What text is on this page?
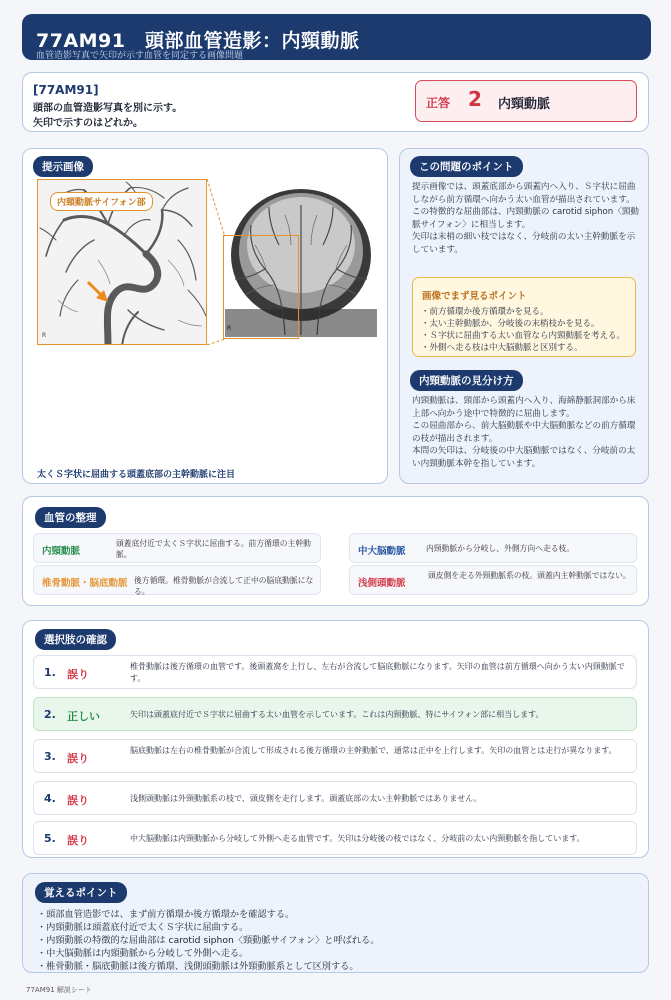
77AM91　頭部血管造影：内頸動脈
血管造影写真で矢印が示す血管を同定する画像問題
[77AM91]
頭部の血管造影写真を別に示す。
矢印で示すのはどれか。
正答 2 内頸動脈
提示画像
内頸動脈サイフォン部
R
R
太くＳ字状に屈曲する頭蓋底部の主幹動脈に注目
この問題のポイント
提示画像では、頭蓋底部から頭蓋内へ入り、Ｓ字状に屈曲しながら前方循環へ向かう太い血管が描出されています。
この特徴的な屈曲部は、内頸動脈の carotid siphon〈頸動脈サイフォン〉に相当します。
矢印は末梢の細い枝ではなく、分岐前の太い主幹動脈を示しています。
画像でまず見るポイント
・前方循環か後方循環かを見る。
・太い主幹動脈か、分岐後の末梢枝かを見る。
・Ｓ字状に屈曲する太い血管なら内頸動脈を考える。
・外側へ走る枝は中大脳動脈と区別する。
内頸動脈の見分け方
内頸動脈は、頸部から頭蓋内へ入り、海綿静脈洞部から床上部へ向かう途中で特徴的に屈曲します。
この屈曲部から、前大脳動脈や中大脳動脈などの前方循環の枝が描出されます。
本問の矢印は、分岐後の中大脳動脈ではなく、分岐前の太い内頸動脈本幹を指しています。
血管の整理
内頸動脈
頭蓋底付近で太くＳ字状に屈曲する。前方循環の主幹動脈。	中大脳動脈	内頸動脈から分岐し、外側方向へ走る枝。
椎骨動脈・脳底動脈 後方循環。椎骨動脈が合流して正中の脳底動脈になる。
浅側頭動脈
頭皮側を走る外頸動脈系の枝。頭蓋内主幹動脈ではない。
選択肢の確認
1. 誤り
椎骨動脈は後方循環の血管です。後頭蓋窩を上行し、左右が合流して脳底動脈になります。矢印の血管は前方循環へ向かう太い内頸動脈です。
2. 正しい	矢印は頭蓋底付近でＳ字状に屈曲する太い血管を示しています。これは内頸動脈、特にサイフォン部に相当します。
3. 誤り
脳底動脈は左右の椎骨動脈が合流して形成される後方循環の主幹動脈で、通常は正中を上行します。矢印の血管とは走行が異なります。
4. 誤り	浅側頭動脈は外頸動脈系の枝で、頭皮側を走行します。頭蓋底部の太い主幹動脈ではありません。
5. 誤り	中大脳動脈は内頸動脈から分岐して外側へ走る血管です。矢印は分岐後の枝ではなく、分岐前の太い内頸動脈を指しています。
覚えるポイント
・頭部血管造影では、まず前方循環か後方循環かを確認する。
・内頸動脈は頭蓋底付近で太くＳ字状に屈曲する。
・内頸動脈の特徴的な屈曲部は carotid siphon〈頸動脈サイフォン〉と呼ばれる。
・中大脳動脈は内頸動脈から分岐して外側へ走る。
・椎骨動脈・脳底動脈は後方循環、浅側頭動脈は外頸動脈系として区別する。
77AM91 解説シート
